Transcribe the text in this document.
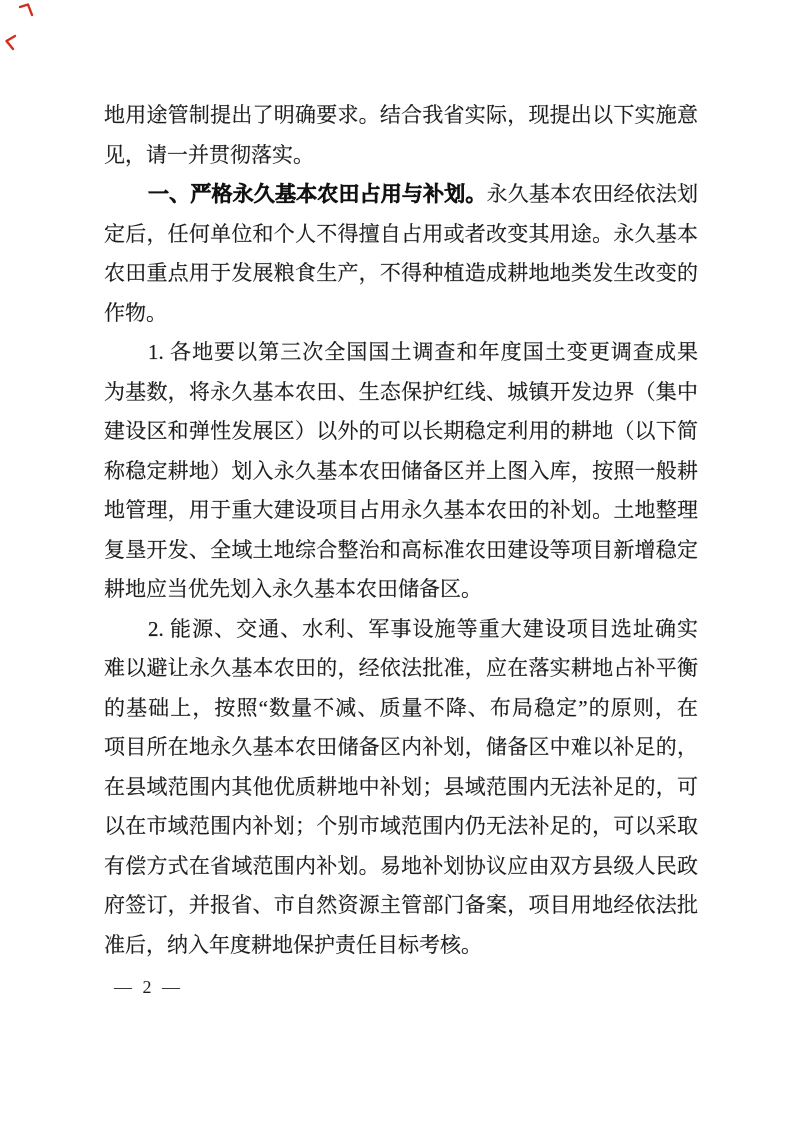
地用途管制提出了明确要求。结合我省实际，现提出以下实施意
见，请一并贯彻落实。
一、严格永久基本农田占用与补划。永久基本农田经依法划
定后，任何单位和个人不得擅自占用或者改变其用途。永久基本
农田重点用于发展粮食生产，不得种植造成耕地地类发生改变的
作物。
1. 各地要以第三次全国国土调查和年度国土变更调查成果
为基数，将永久基本农田、生态保护红线、城镇开发边界（集中
建设区和弹性发展区）以外的可以长期稳定利用的耕地（以下简
称稳定耕地）划入永久基本农田储备区并上图入库，按照一般耕
地管理，用于重大建设项目占用永久基本农田的补划。土地整理
复垦开发、全域土地综合整治和高标准农田建设等项目新增稳定
耕地应当优先划入永久基本农田储备区。
2. 能源、交通、水利、军事设施等重大建设项目选址确实
难以避让永久基本农田的，经依法批准，应在落实耕地占补平衡
的基础上，按照“数量不减、质量不降、布局稳定”的原则，在
项目所在地永久基本农田储备区内补划，储备区中难以补足的，
在县域范围内其他优质耕地中补划；县域范围内无法补足的，可
以在市域范围内补划；个别市域范围内仍无法补足的，可以采取
有偿方式在省域范围内补划。易地补划协议应由双方县级人民政
府签订，并报省、市自然资源主管部门备案，项目用地经依法批
准后，纳入年度耕地保护责任目标考核。
— 2 —
